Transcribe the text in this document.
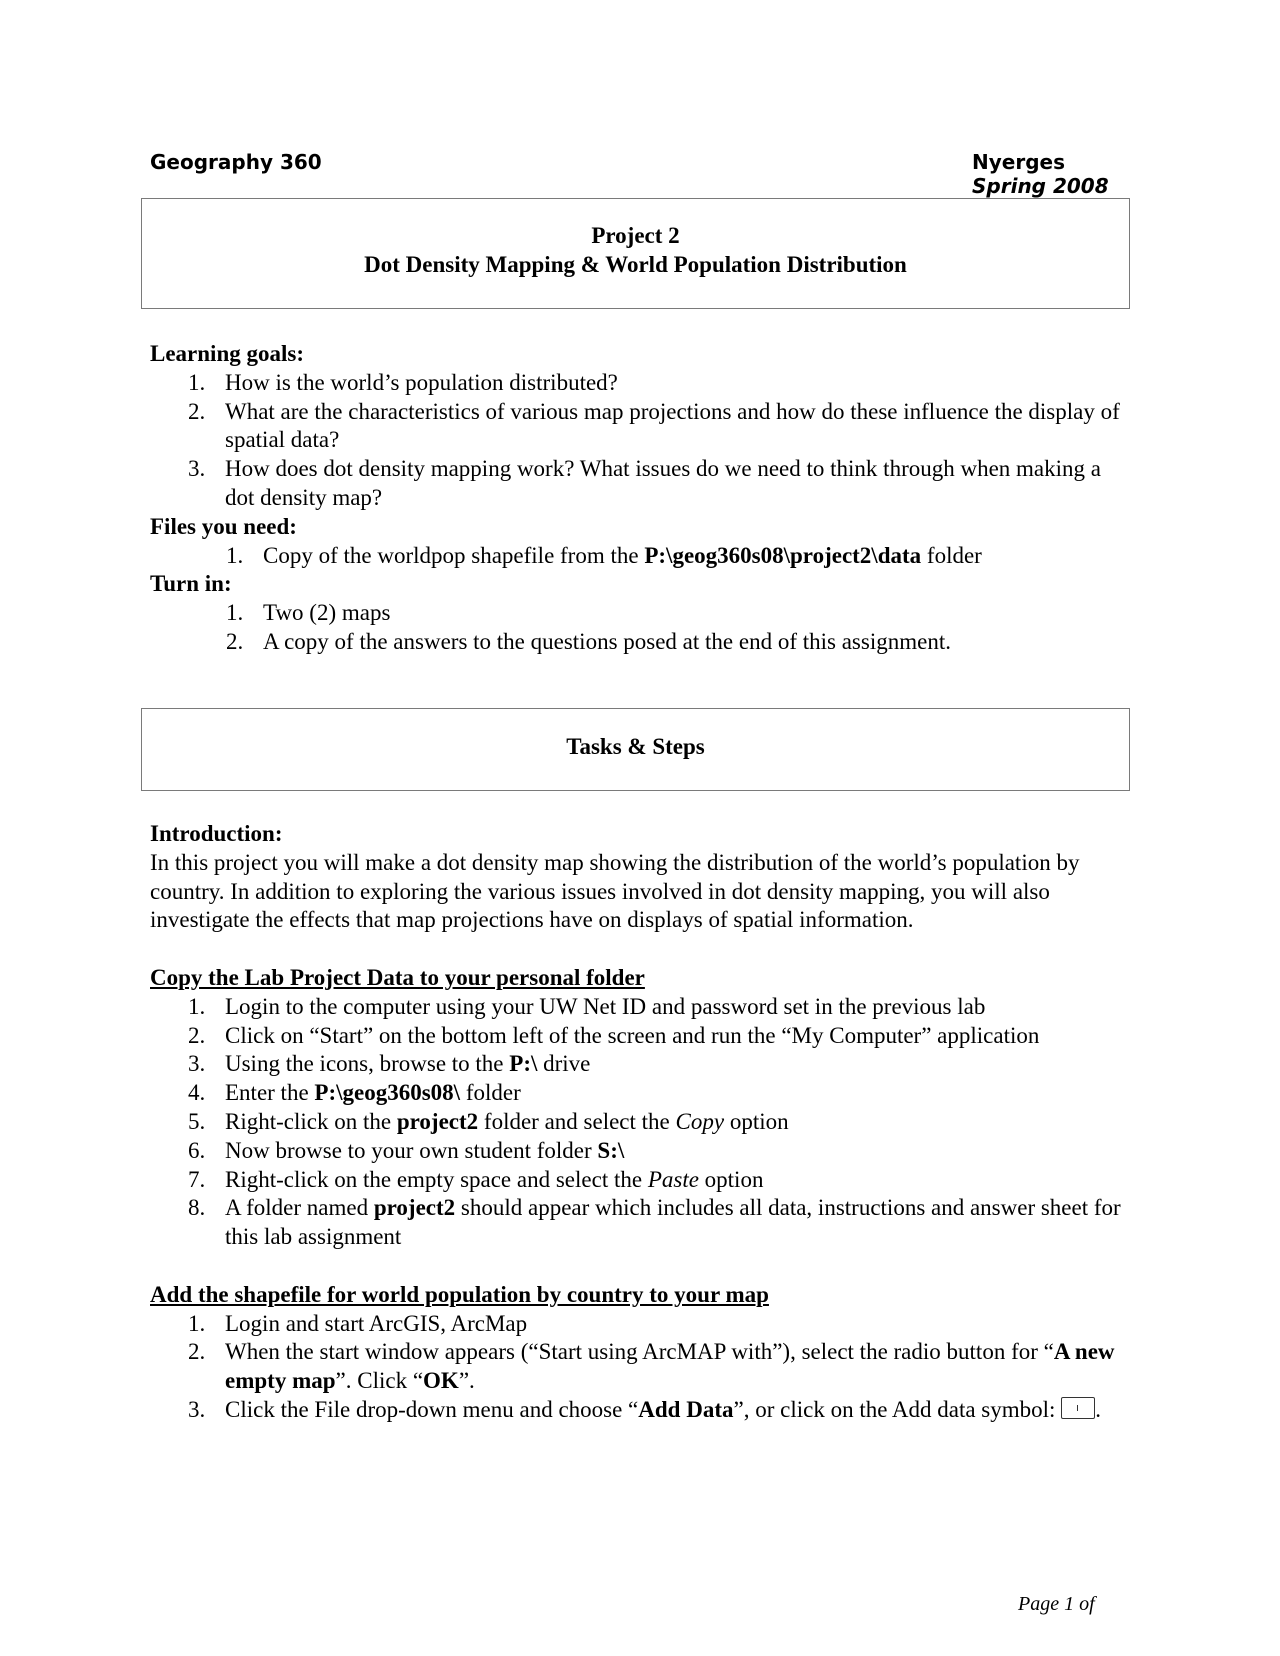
Geography 360	Nyerges
Spring 2008
Project 2
Dot Density Mapping & World Population Distribution
Learning goals:
1. How is the world’s population distributed?
2. What are the characteristics of various map projections and how do these influence the display of spatial data?
3. How does dot density mapping work? What issues do we need to think through when making a dot density map?
Files you need:
1. Copy of the worldpop shapefile from the P:\geog360s08\project2\data folder
Turn in:
1. Two (2) maps
2. A copy of the answers to the questions posed at the end of this assignment.
Tasks & Steps
Introduction:

In this project you will make a dot density map showing the distribution of the world’s population by country. In addition to exploring the various issues involved in dot density mapping, you will also investigate the effects that map projections have on displays of spatial information.

Copy the Lab Project Data to your personal folder
1. Login to the computer using your UW Net ID and password set in the previous lab
2. Click on “Start” on the bottom left of the screen and run the “My Computer” application
3. Using the icons, browse to the P:\ drive
4. Enter the P:\geog360s08\ folder
5. Right-click on the project2 folder and select the Copy option
6. Now browse to your own student folder S:\
7. Right-click on the empty space and select the Paste option
8. A folder named project2 should appear which includes all data, instructions and answer sheet for this lab assignment
Add the shapefile for world population by country to your map
1. Login and start ArcGIS, ArcMap
2. When the start window appears (“Start using ArcMAP with”), select the radio button for “A new empty map”. Click “OK”.
3. Click the File drop-down menu and choose “Add Data”, or click on the Add data symbol: .
Page 1 of
